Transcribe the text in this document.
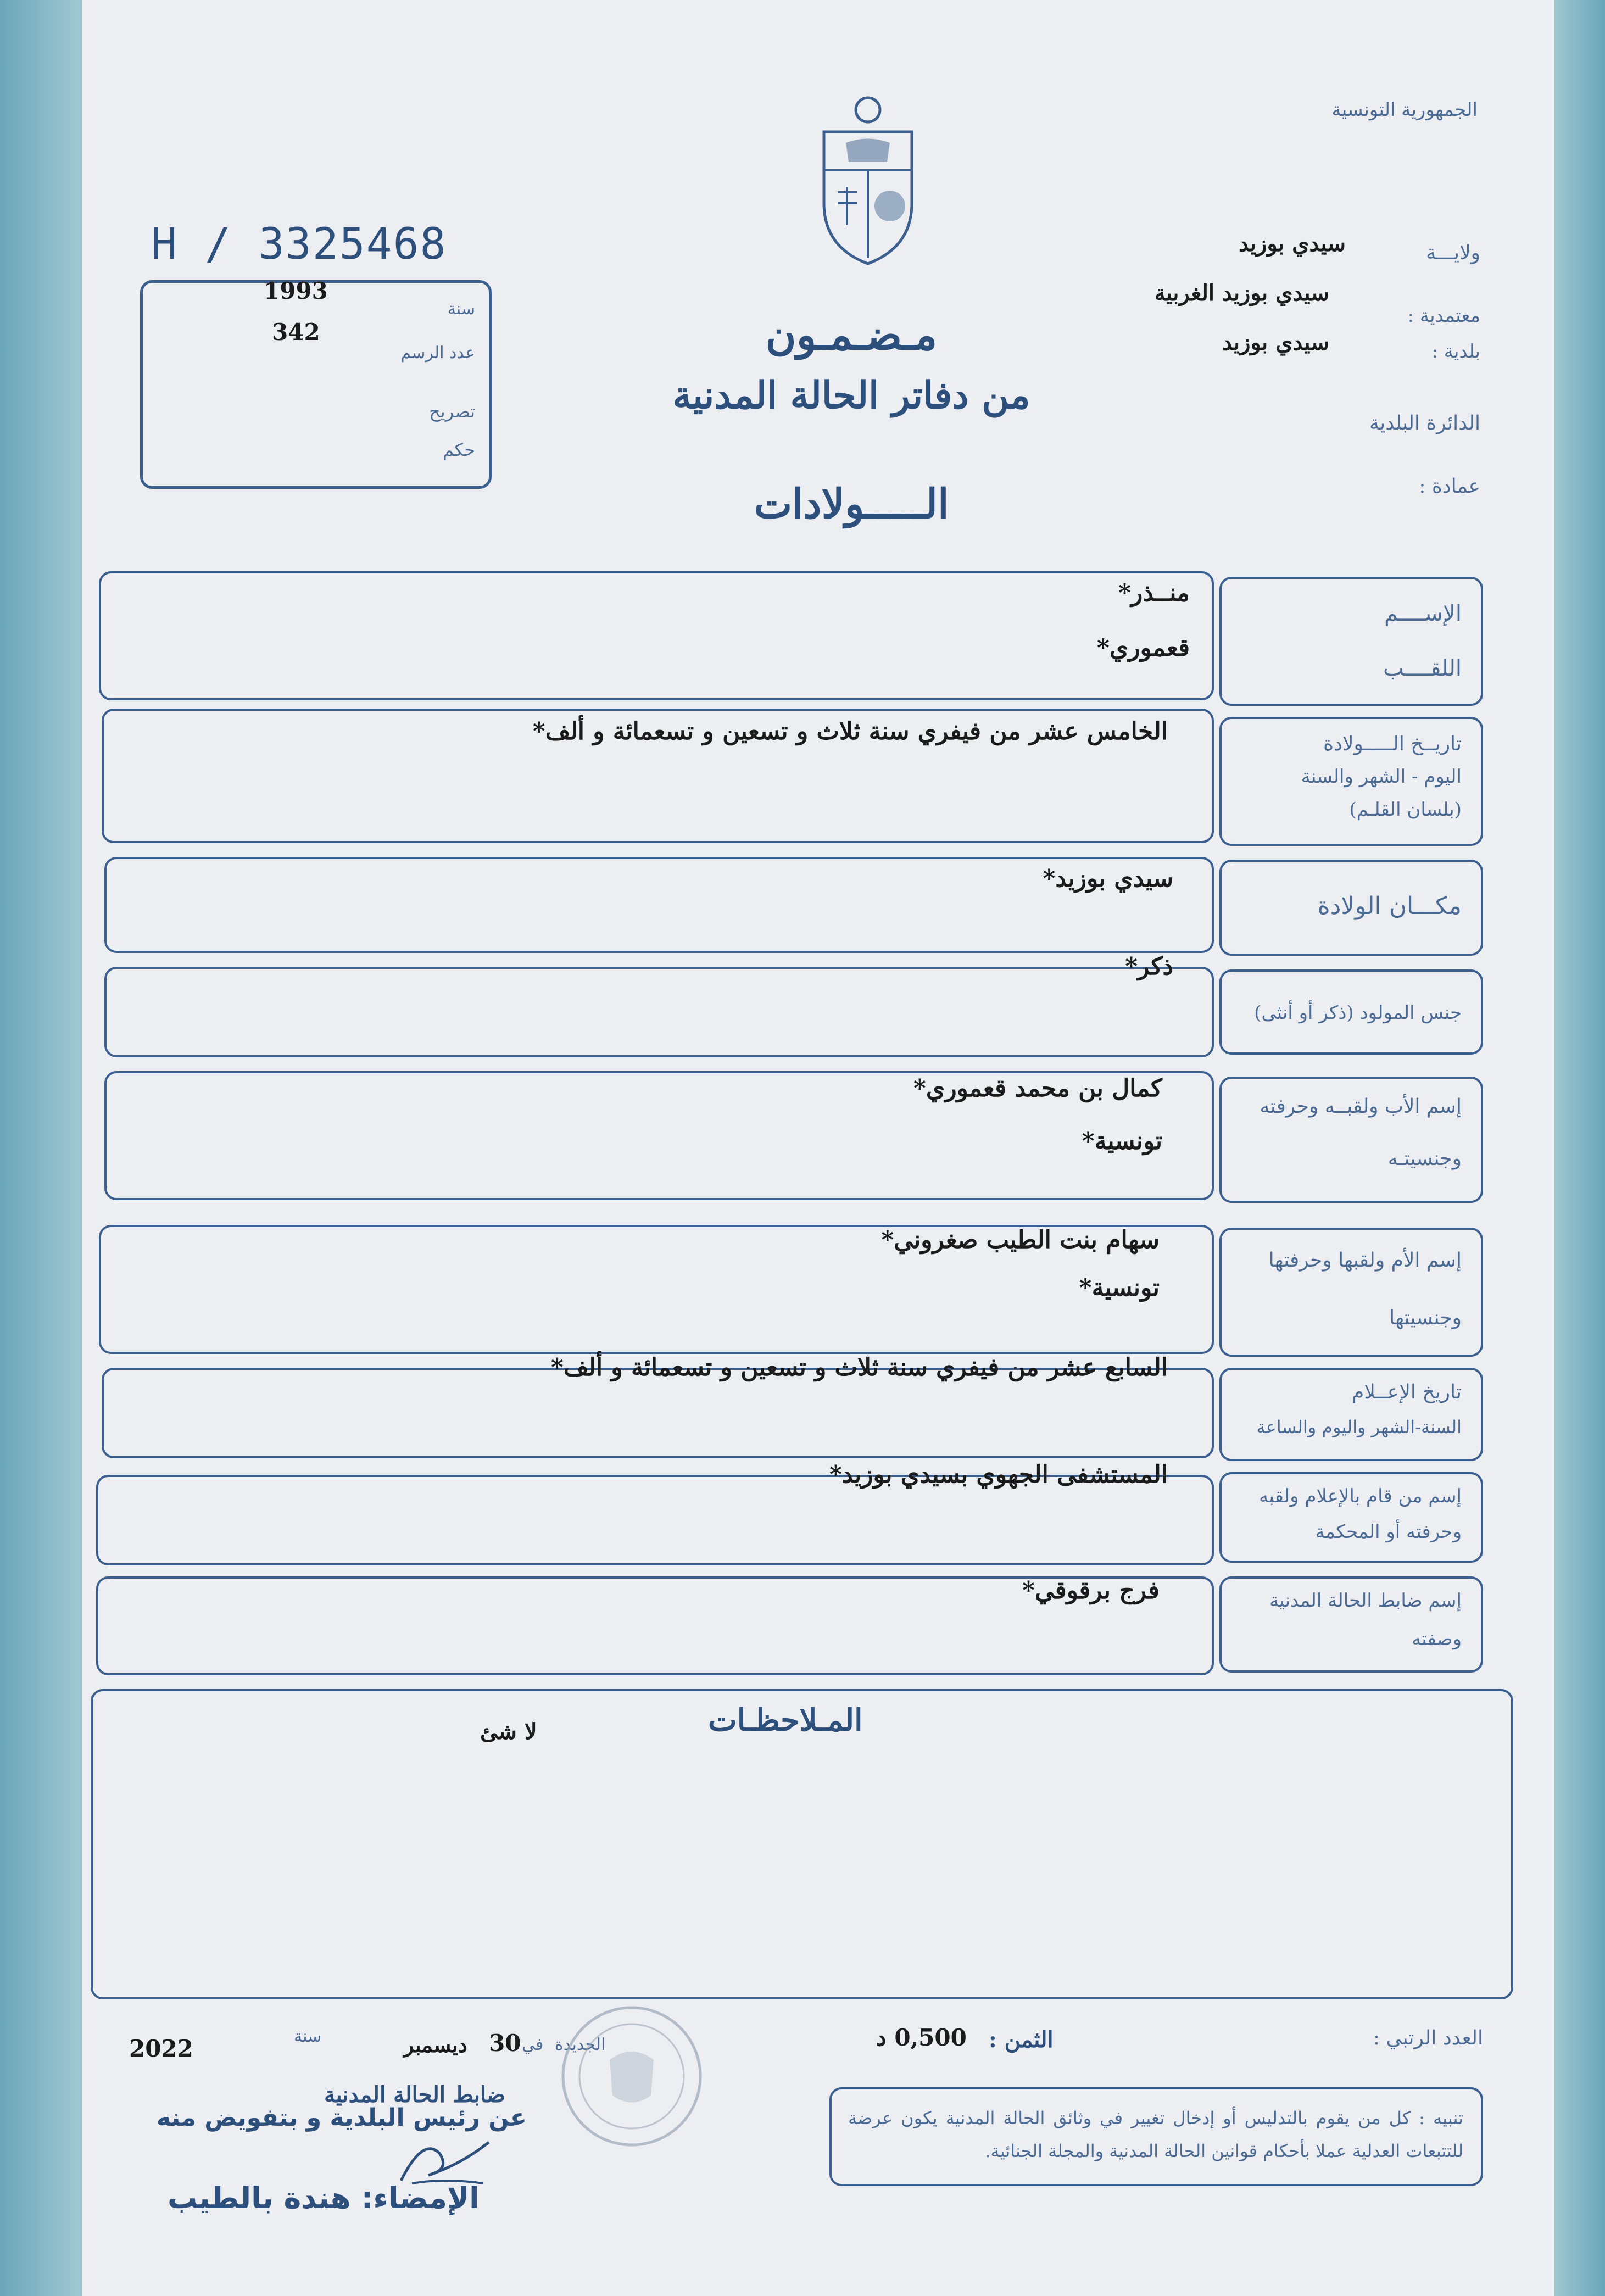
الجمهورية التونسية
ولايـــة
سيدي بوزيد
معتمدية :
سيدي بوزيد الغربية
بلدية :
سيدي بوزيد
الدائرة البلدية
عمادة :
H / 3325468
1993
سنة
342
عدد الرسم
تصريح
حكم
مـضـمـون
من دفاتر الحالة المدنية
الـــــولادات
الإســــم
اللقــــب
منــذر*
قعموري*
تاريــخ الـــــولادة
اليوم - الشهر والسنة
(بلسان القلـم)
الخامس عشر من فيفري سنة ثلاث و تسعين و تسعمائة و ألف*
مكـــان الولادة
سيدي بوزيد*
جنس المولود (ذكر أو أنثى)
ذكر*
إسم الأب ولقبــه وحرفته
وجنسيتـه
كمال بن محمد قعموري*
تونسية*
إسم الأم ولقبها وحرفتها
وجنسيتها
سهام بنت الطيب صغروني*
تونسية*
تاريخ الإعــلام
السنة-الشهر واليوم والساعة
السابع عشر من فيفري سنة ثلاث و تسعين و تسعمائة و ألف*
إسم من قام بالإعلام ولقبه
وحرفته أو المحكمة
المستشفى الجهوي بسيدي بوزيد*
إسم ضابط الحالة المدنية
وصفته
فرج برقوقي*
المـلاحظـات
لا شئ
العدد الرتبي :
الثمن :
0,500 د
الجديدة
في
30
ديسمبر
سنة
2022
ضابط الحالة المدنية
عن رئيس البلدية و بتفويض منه
الإمضاء: هندة بالطيب
تنبيه : كل من يقوم بالتدليس أو إدخال تغيير في وثائق الحالة المدنية يكون عرضة للتتبعات العدلية عملا بأحكام قوانين الحالة المدنية والمجلة الجنائية.
